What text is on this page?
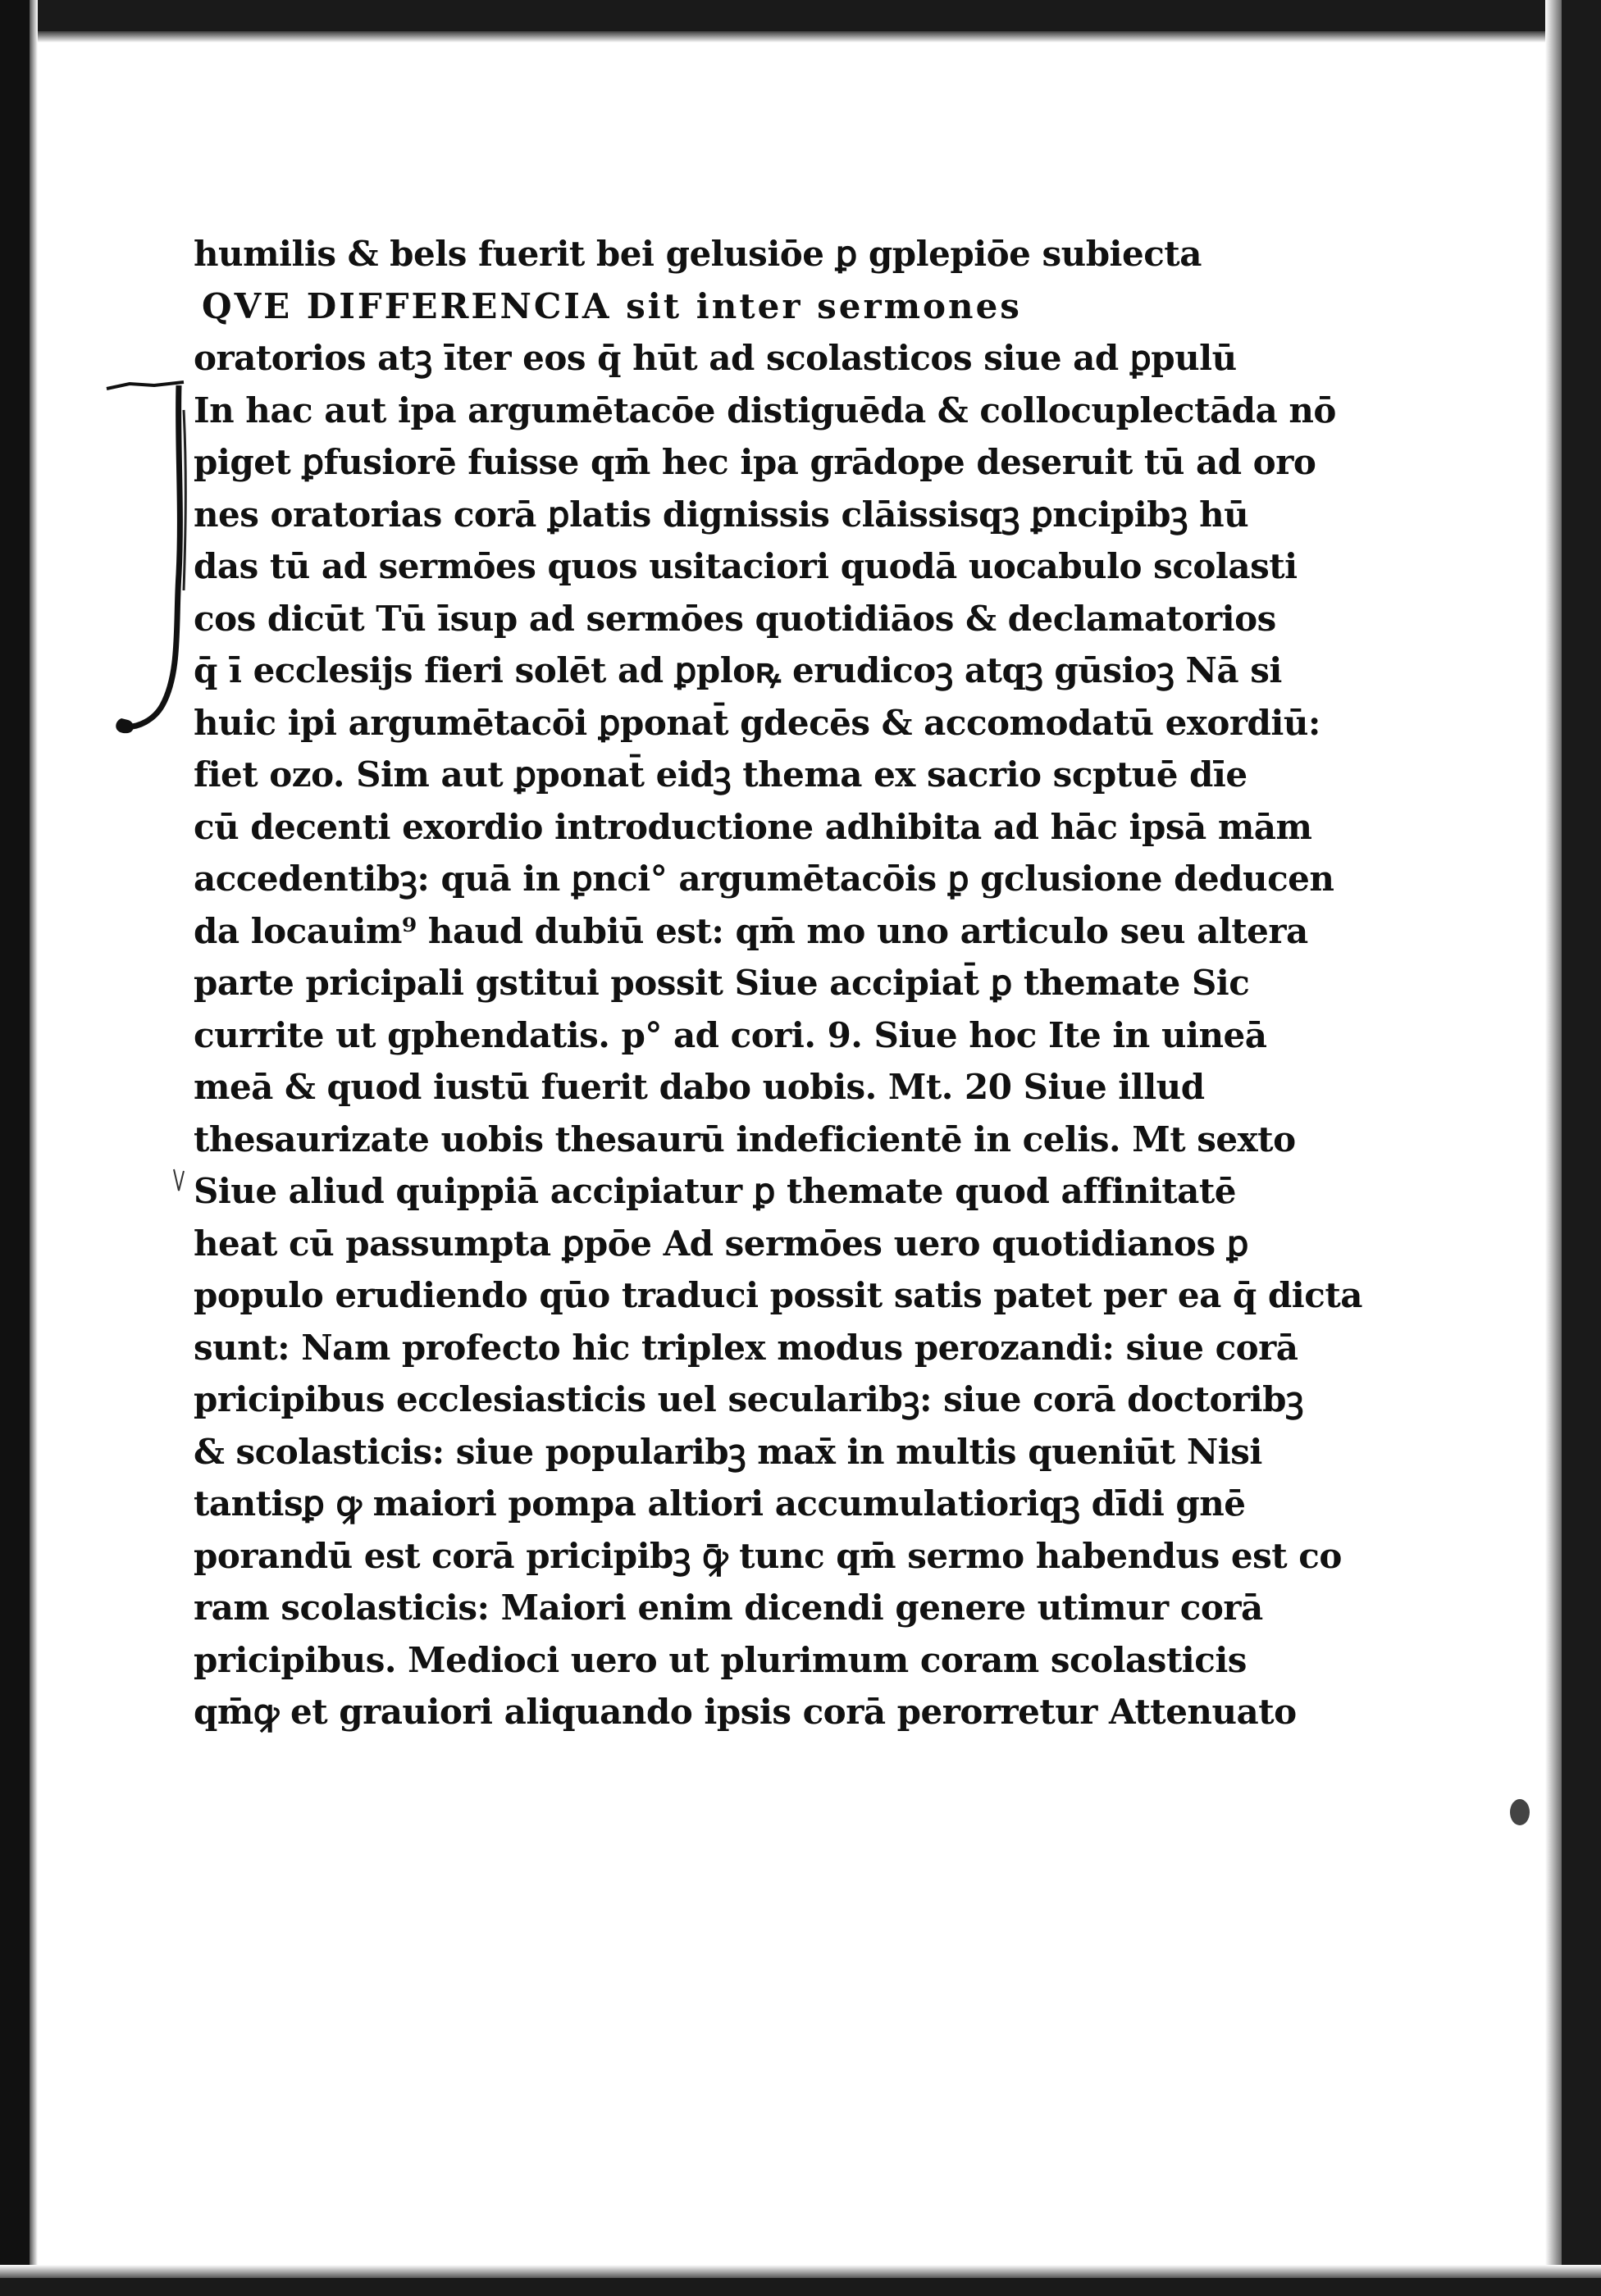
humilis & bels fuerit bei gelusiōe ꝑ gplepiōe subiecta
QVE DIFFERENCIA sit inter sermones
oratorios atꝫ īter eos q̄ hūt ad scolasticos siue ad ꝑpulū
In hac aut ipa argumētacōe distiguēda & collocuplectāda nō
piget ꝑfusiorē fuisse qm̄ hec ipa grādope deseruit tū ad oro
nes oratorias corā ꝑlatis dignissis clāissisqꝫ ꝑncipibꝫ hū
das tū ad sermōes quos usitaciori quodā uocabulo scolasti
cos dicūt Tū īsup ad sermōes quotidiāos & declamatorios
q̄ ī ecclesijs fieri solēt ad ꝑploꝶ erudicoꝫ atqꝫ gūsioꝫ Nā si
huic ipi argumētacōi ꝑponat̄ gdecēs & accomodatū exordiū:
fiet ozo. Sim aut ꝑponat̄ eidꝫ thema ex sacrio scptuē dīe
cū decenti exordio introductione adhibita ad hāc ipsā mām
accedentibꝫ: quā in ꝑnci° argumētacōis ꝑ gclusione deducen
da locauim⁹ haud dubiū est: qm̄ mo uno articulo seu altera
parte pricipali gstitui possit Siue accipiat̄ ꝑ themate Sic
currite ut gphendatis. p° ad cori. 9. Siue hoc Ite in uineā
meā & quod iustū fuerit dabo uobis. Mt. 20 Siue illud
thesaurizate uobis thesaurū indeficientē in celis. Mt sexto
Siue aliud quippiā accipiatur ꝑ themate quod affinitatē
heat cū passumpta ꝑpōe Ad sermōes uero quotidianos ꝑ
populo erudiendo qūo traduci possit satis patet per ea q̄ dicta
sunt: Nam profecto hic triplex modus perozandi: siue corā
pricipibus ecclesiasticis uel secularibꝫ: siue corā doctoribꝫ
& scolasticis: siue popularibꝫ max̄ in multis queniūt Nisi
tantisꝑ ꝙ maiori pompa altiori accumulatioriqꝫ dīdi gnē
porandū est corā pricipibꝫ ꝙ̄ tunc qm̄ sermo habendus est co
ram scolasticis: Maiori enim dicendi genere utimur corā
pricipibus. Medioci uero ut plurimum coram scolasticis
qm̄ꝙ et grauiori aliquando ipsis corā perorretur Attenuato
